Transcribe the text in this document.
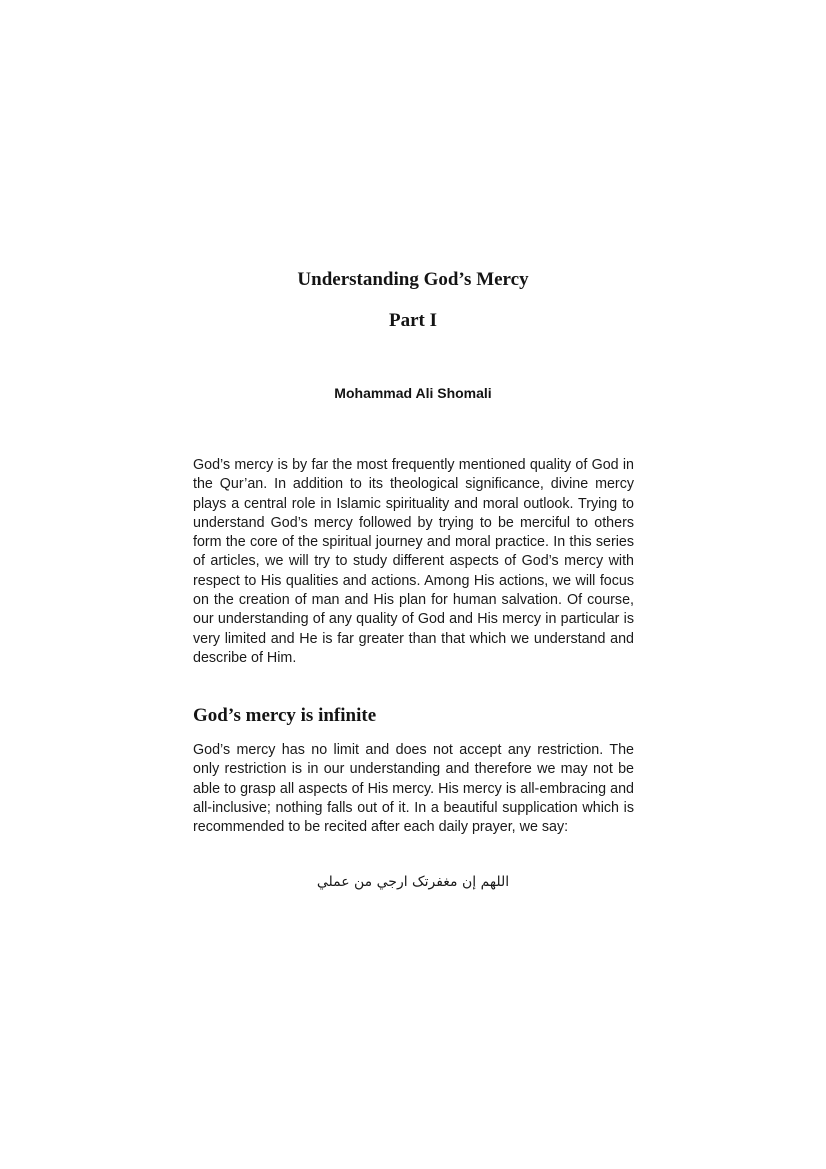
Understanding God’s Mercy
Part I
Mohammad Ali Shomali

God’s mercy is by far the most frequently mentioned quality of God in the Qur’an. In addition to its theological significance, divine mercy plays a central role in Islamic spirituality and moral outlook. Trying to understand God’s mercy followed by trying to be merciful to others form the core of the spiritual journey and moral practice. In this series of articles, we will try to study different aspects of God’s mercy with respect to His qualities and actions. Among His actions, we will focus on the creation of man and His plan for human salvation. Of course, our understanding of any quality of God and His mercy in particular is very limited and He is far greater than that which we understand and describe of Him.

God’s mercy is infinite

God’s mercy has no limit and does not accept any restriction. The only restriction is in our understanding and therefore we may not be able to grasp all aspects of His mercy. His mercy is all-embracing and all-inclusive; nothing falls out of it. In a beautiful supplication which is recommended to be recited after each daily prayer, we say:

اللهم إن مغفرتک ارجي من عملي
